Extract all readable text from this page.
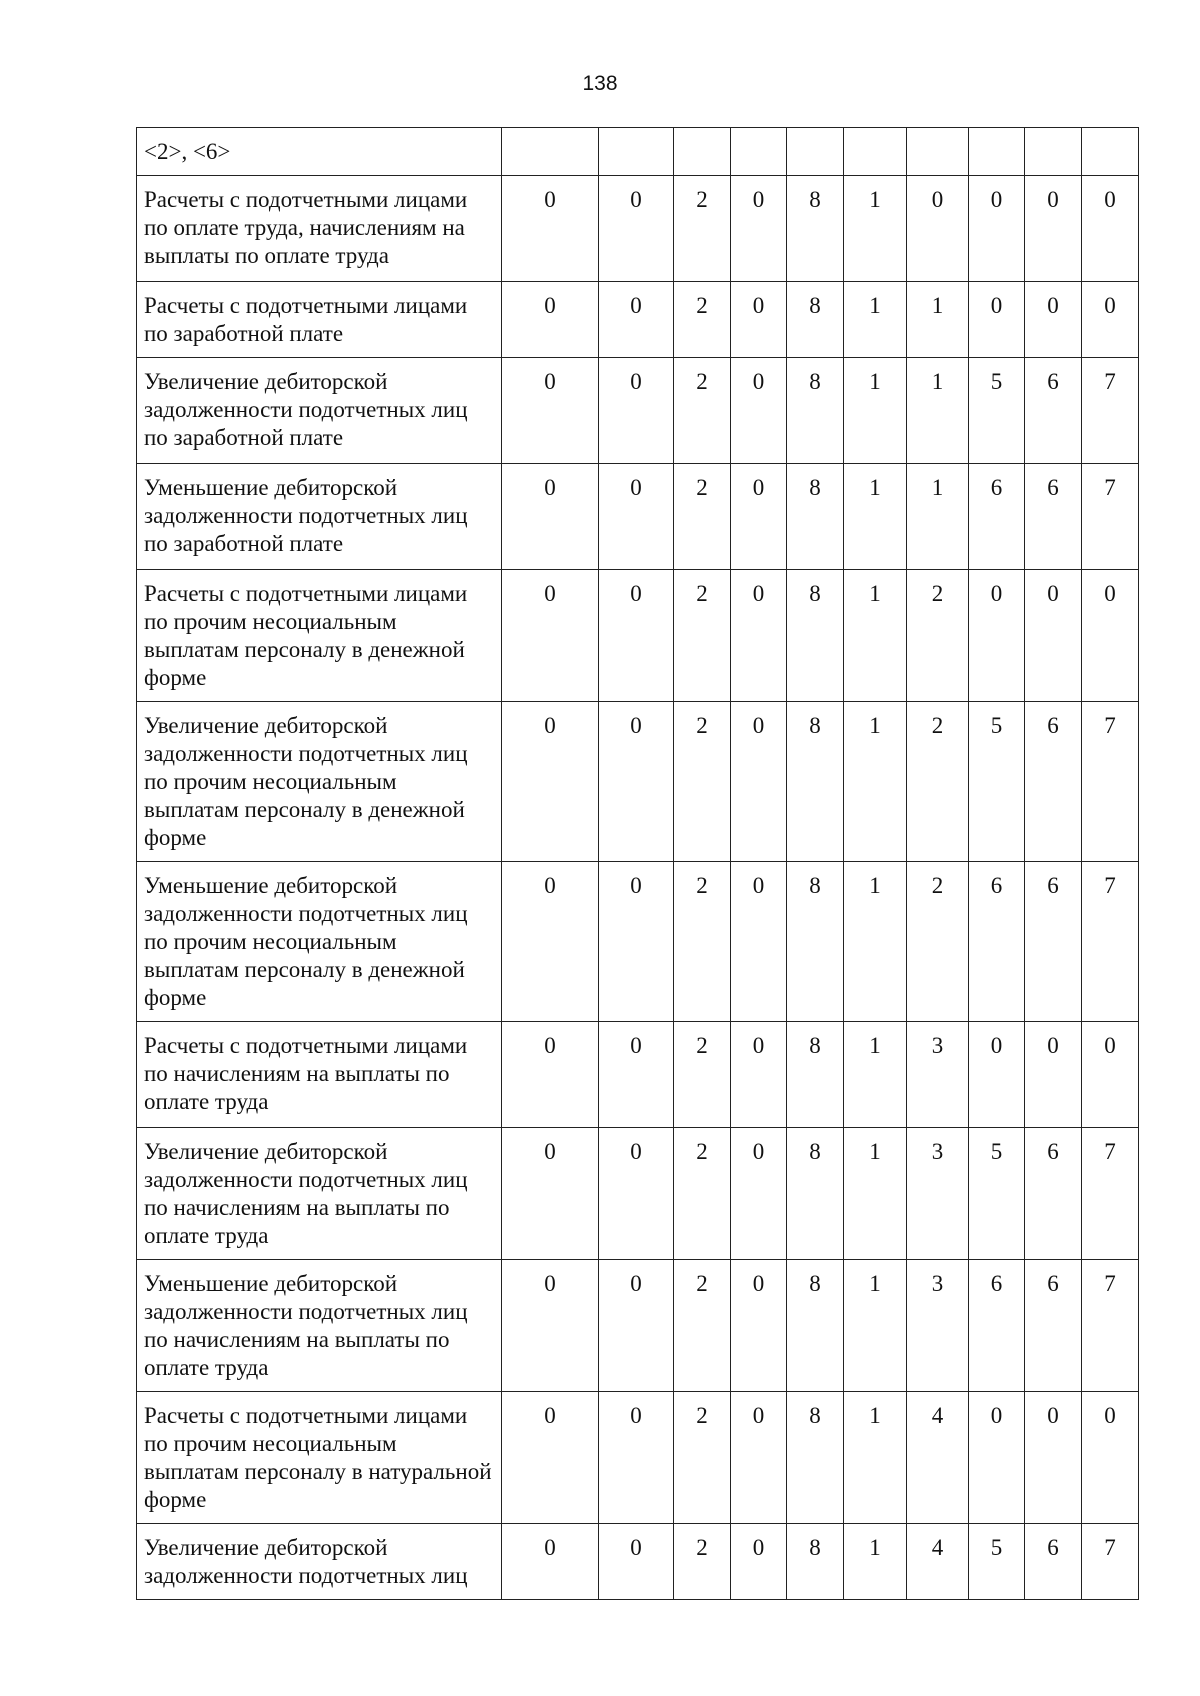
138
<2>, <6>										
Расчеты с подотчетными лицами по оплате труда, начислениям на выплаты по оплате труда	0	0	2	0	8	1	0	0	0	0
Расчеты с подотчетными лицами по заработной плате	0	0	2	0	8	1	1	0	0	0
Увеличение дебиторской задолженности подотчетных лиц по заработной плате	0	0	2	0	8	1	1	5	6	7
Уменьшение дебиторской задолженности подотчетных лиц по заработной плате	0	0	2	0	8	1	1	6	6	7
Расчеты с подотчетными лицами по прочим несоциальным выплатам персоналу в денежной форме	0	0	2	0	8	1	2	0	0	0
Увеличение дебиторской задолженности подотчетных лиц по прочим несоциальным выплатам персоналу в денежной форме	0	0	2	0	8	1	2	5	6	7
Уменьшение дебиторской задолженности подотчетных лиц по прочим несоциальным выплатам персоналу в денежной форме	0	0	2	0	8	1	2	6	6	7
Расчеты с подотчетными лицами по начислениям на выплаты по оплате труда	0	0	2	0	8	1	3	0	0	0
Увеличение дебиторской задолженности подотчетных лиц по начислениям на выплаты по оплате труда	0	0	2	0	8	1	3	5	6	7
Уменьшение дебиторской задолженности подотчетных лиц по начислениям на выплаты по оплате труда	0	0	2	0	8	1	3	6	6	7
Расчеты с подотчетными лицами по прочим несоциальным выплатам персоналу в натуральной форме	0	0	2	0	8	1	4	0	0	0
Увеличение дебиторской задолженности подотчетных лиц	0	0	2	0	8	1	4	5	6	7
